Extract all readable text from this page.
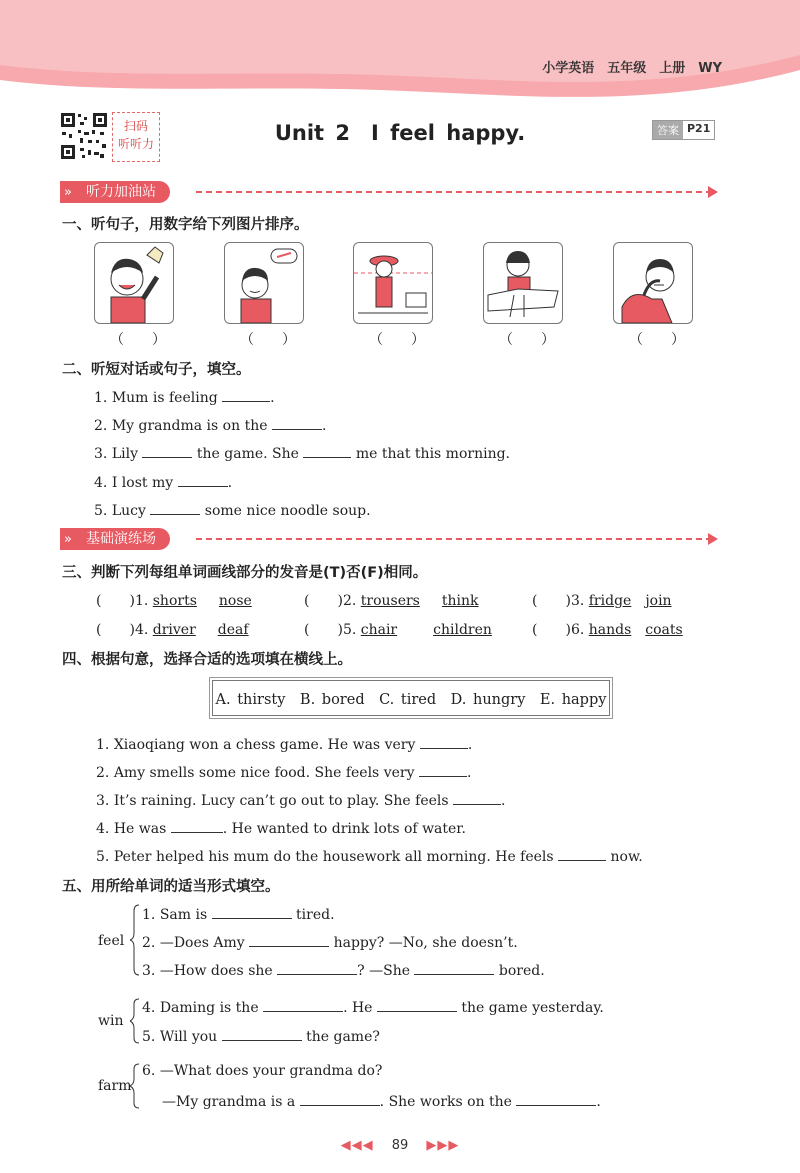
小学英语　五年级　上册　WY
扫码
听听力	Unit 2　I feel happy.	答案 P21
» 听力加油站
一、听句子，用数字给下列图片排序。
（　　）	（　　）	（　　）	（　　）	（　　）
二、听短对话或句子，填空。
1. Mum is feeling	.
2. My grandma is on the	.
3. Lily	the game. She	me that this morning.
4. I lost my	.
5. Lucy	some nice noodle soup.
» 基础演练场
三、判断下列每组单词画线部分的发音是(T)否(F)相同。
(　　)1. shorts　 nose	(　　)2. trousers　 think	(　　)3. fridge　 join
(　　)4. driver　 deaf	(　　)5. chair　	children	(　　)6. hands　 coats
四、根据句意，选择合适的选项填在横线上。
A. thirsty　B. bored　C. tired　D. hungry　E. happy
1. Xiaoqiang won a chess game. He was very	.
2. Amy smells some nice food. She feels very	.
3. It’s raining. Lucy can’t go out to play. She feels	.
4. He was	. He wanted to drink lots of water.
5. Peter helped his mum do the housework all morning. He feels	now.
五、用所给单词的适当形式填空。
feel
1. Sam is	tired.
2. —Does Amy	happy? —No, she doesn’t.
3. —How does she	? —She	bored.
win
4. Daming is the	. He	the game yesterday.
5. Will you	the game?
farm
6. —What does your grandma do?
—My grandma is a	. She works on the	.
◀◀◀ 89 ▶▶▶
